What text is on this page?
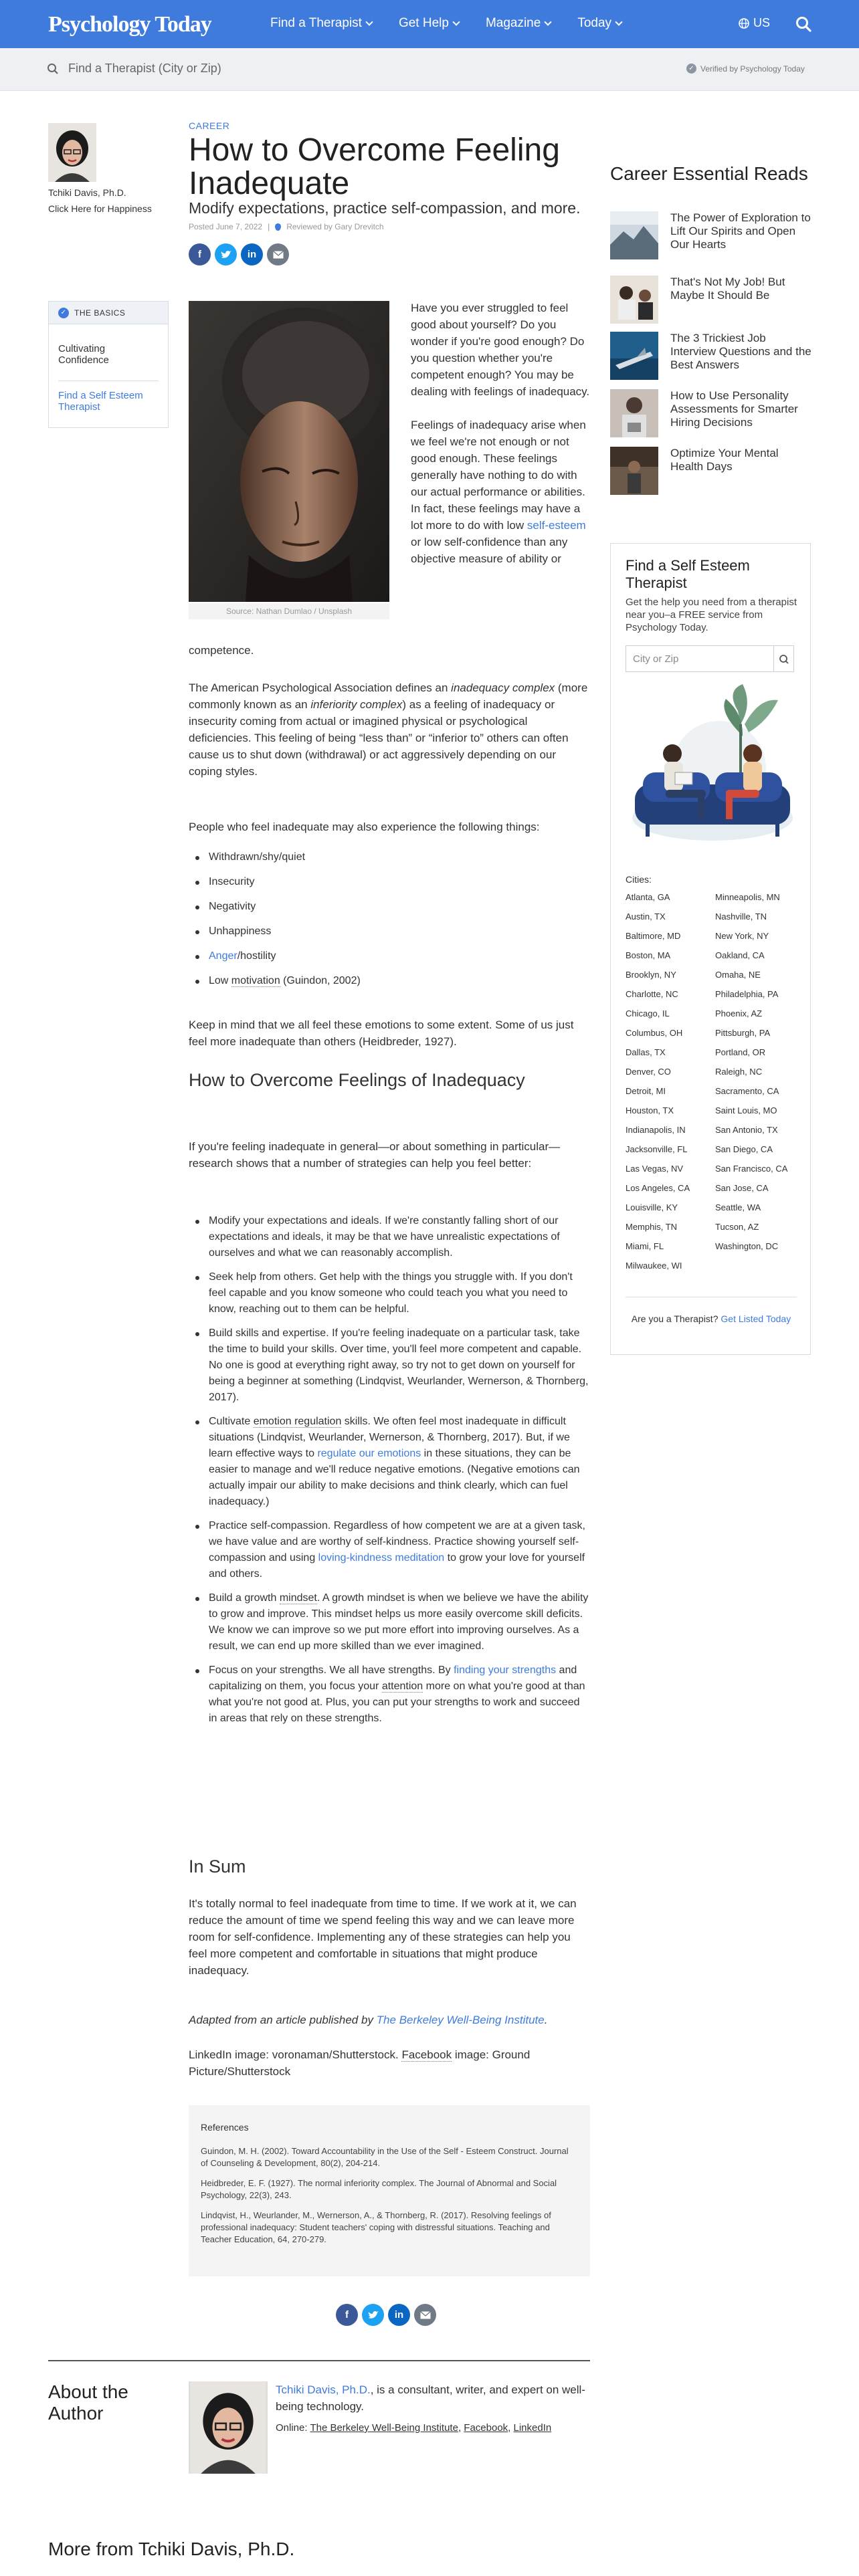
Psychology Today	Find a Therapist	Get Help	Magazine	Today	US
Find a Therapist (City or Zip)	✓ Verified by Psychology Today
Tchiki Davis, Ph.D.
Click Here for Happiness
✓ THE BASICS
Cultivating Confidence
Find a Self Esteem Therapist
CAREER
How to Overcome Feeling Inadequate
Modify expectations, practice self-compassion, and more.
Posted June 7, 2022 | Reviewed by Gary Drevitch
f	in
Source: Nathan Dumlao / Unsplash

Have you ever struggled to feel good about yourself? Do you wonder if you're good enough? Do you question whether you're competent enough? You may be dealing with feelings of inadequacy.

Feelings of inadequacy arise when we feel we're not enough or not good enough. These feelings generally have nothing to do with our actual performance or abilities. In fact, these feelings may have a lot more to do with low self-esteem or low self-confidence than any objective measure of ability or

competence.
The American Psychological Association defines an inadequacy complex (more commonly known as an inferiority complex) as a feeling of inadequacy or insecurity coming from actual or imagined physical or psychological deficiencies. This feeling of being “less than” or “inferior to” others can often cause us to shut down (withdrawal) or act aggressively depending on our coping styles.
People who feel inadequate may also experience the following things:
Withdrawn/shy/quiet
Insecurity
Negativity
Unhappiness
Anger/hostility
Low motivation (Guindon, 2002)
Keep in mind that we all feel these emotions to some extent. Some of us just feel more inadequate than others (Heidbreder, 1927).
How to Overcome Feelings of Inadequacy
If you're feeling inadequate in general—or about something in particular—research shows that a number of strategies can help you feel better:
Modify your expectations and ideals. If we're constantly falling short of our expectations and ideals, it may be that we have unrealistic expectations of ourselves and what we can reasonably accomplish.
Seek help from others. Get help with the things you struggle with. If you don't feel capable and you know someone who could teach you what you need to know, reaching out to them can be helpful.
Build skills and expertise. If you're feeling inadequate on a particular task, take the time to build your skills. Over time, you'll feel more competent and capable. No one is good at everything right away, so try not to get down on yourself for being a beginner at something (Lindqvist, Weurlander, Wernerson, & Thornberg, 2017).
Cultivate emotion regulation skills. We often feel most inadequate in difficult situations (Lindqvist, Weurlander, Wernerson, & Thornberg, 2017). But, if we learn effective ways to regulate our emotions in these situations, they can be easier to manage and we'll reduce negative emotions. (Negative emotions can actually impair our ability to make decisions and think clearly, which can fuel inadequacy.)
Practice self-compassion. Regardless of how competent we are at a given task, we have value and are worthy of self-kindness. Practice showing yourself self-compassion and using loving-kindness meditation to grow your love for yourself and others.
Build a growth mindset. A growth mindset is when we believe we have the ability to grow and improve. This mindset helps us more easily overcome skill deficits. We know we can improve so we put more effort into improving ourselves. As a result, we can end up more skilled than we ever imagined.
Focus on your strengths. We all have strengths. By finding your strengths and capitalizing on them, you focus your attention more on what you're good at than what you're not good at. Plus, you can put your strengths to work and succeed in areas that rely on these strengths.
In Sum
It's totally normal to feel inadequate from time to time. If we work at it, we can reduce the amount of time we spend feeling this way and we can leave more room for self-confidence. Implementing any of these strategies can help you feel more competent and comfortable in situations that might produce inadequacy.
Adapted from an article published by The Berkeley Well-Being Institute.
LinkedIn image: voronaman/Shutterstock. Facebook image: Ground Picture/Shutterstock
References

Guindon, M. H. (2002). Toward Accountability in the Use of the Self ‐ Esteem Construct. Journal of Counseling & Development, 80(2), 204-214.

Heidbreder, E. F. (1927). The normal inferiority complex. The Journal of Abnormal and Social Psychology, 22(3), 243.

Lindqvist, H., Weurlander, M., Wernerson, A., & Thornberg, R. (2017). Resolving feelings of professional inadequacy: Student teachers' coping with distressful situations. Teaching and Teacher Education, 64, 270-279.

f	in
About the Author
Tchiki Davis, Ph.D., is a consultant, writer, and expert on well-being technology.
Online: The Berkeley Well-Being Institute, Facebook, LinkedIn
More from Tchiki Davis, Ph.D.
Career Essential Reads
The Power of Exploration to Lift Our Spirits and Open Our Hearts
That's Not My Job! But Maybe It Should Be
The 3 Trickiest Job Interview Questions and the Best Answers
How to Use Personality Assessments for Smarter Hiring Decisions
Optimize Your Mental Health Days
Find a Self Esteem Therapist
Get the help you need from a therapist near you–a FREE service from Psychology Today.
City or Zip
Cities:
Atlanta, GA
Austin, TX
Baltimore, MD
Boston, MA
Brooklyn, NY
Charlotte, NC
Chicago, IL
Columbus, OH
Dallas, TX
Denver, CO
Detroit, MI
Houston, TX
Indianapolis, IN
Jacksonville, FL
Las Vegas, NV
Los Angeles, CA
Louisville, KY
Memphis, TN
Miami, FL
Milwaukee, WI
Minneapolis, MN
Nashville, TN
New York, NY
Oakland, CA
Omaha, NE
Philadelphia, PA
Phoenix, AZ
Pittsburgh, PA
Portland, OR
Raleigh, NC
Sacramento, CA
Saint Louis, MO
San Antonio, TX
San Diego, CA
San Francisco, CA
San Jose, CA
Seattle, WA
Tucson, AZ
Washington, DC
Are you a Therapist? Get Listed Today
